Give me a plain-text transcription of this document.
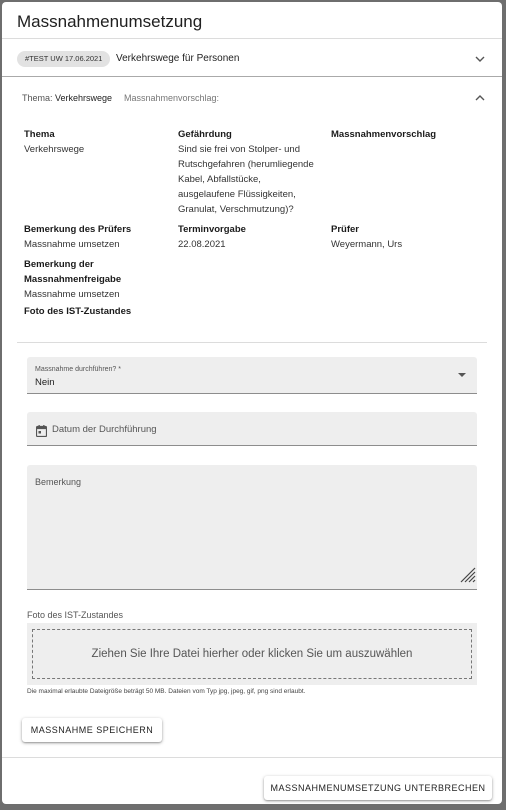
Massnahmenumsetzung
#TEST UW 17.06.2021	Verkehrswege für Personen
Thema: Verkehrswege Massnahmenvorschlag:
Thema
Verkehrswege
Gefährdung
Sind sie frei von Stolper- und
Rutschgefahren (herumliegende
Kabel, Abfallstücke,
ausgelaufene Flüssigkeiten,
Granulat, Verschmutzung)?
Massnahmenvorschlag
Bemerkung des Prüfers
Massnahme umsetzen
Terminvorgabe
22.08.2021
Prüfer
Weyermann, Urs
Bemerkung der
Massnahmenfreigabe
Massnahme umsetzen
Foto des IST-Zustandes
Massnahme durchführen? *
Nein
Datum der Durchführung
Bemerkung
Foto des IST-Zustandes
Ziehen Sie Ihre Datei hierher oder klicken Sie um auszuwählen
Die maximal erlaubte Dateigröße beträgt 50 MB. Dateien vom Typ jpg, jpeg, gif, png sind erlaubt.
MASSNAHME SPEICHERN
MASSNAHMENUMSETZUNG UNTERBRECHEN
